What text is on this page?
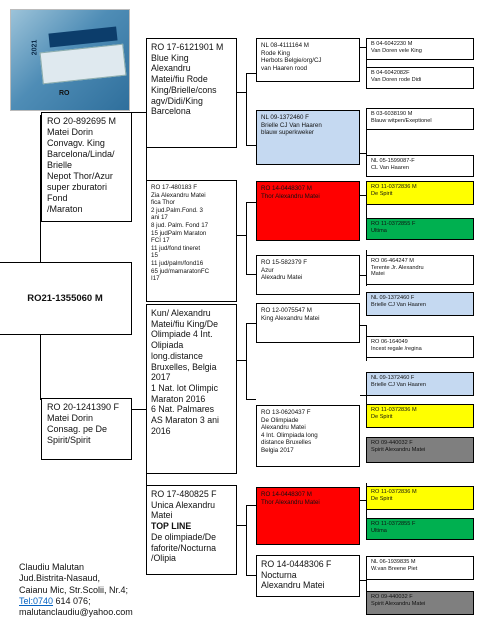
2021
RO
RO21-1355060 M
RO 20-892695 M
Matei Dorin
Convagv. King
Barcelona/Linda/
Brielle
Nepot Thor/Azur
super zburatori
Fond
/Maraton
RO 20-1241390 F
Matei Dorin
Consag. pe De
Spirit/Spirit
RO 17-6121901 M
Blue King
Alexandru
Matei/fiu Rode
King/Brielle/cons
agv/Didi/King
Barcelona
RO 17-480183 F
Zia Alexandru Matei
fica Thor
2 jud.Palm.Fond. 3
ani 17
8 jud. Palm. Fond 17
15 judPalm Maraton
FCI 17
11 jud/fond tineret
15
11 jud/palm/fond16
65 jud/mamaratonFC
I17
Kun/ Alexandru
Matei/fiu King/De
Olimpiade 4 Int.
Olipiada
long.distance
Bruxelles, Belgia
2017
1 Nat. lot Olimpic
Maraton 2016
6 Nat. Palmares
AS Maraton 3 ani
2016
RO 17-480825 F
Unica Alexandru
Matei
TOP LINE
De olimpiade/De
faforite/Nocturna
/Olipia
NL 08-4111164 M
Rode King
Herbots Belgie/org/CJ
van Haaren rood
NL 09-1372460 F
Brielle CJ Van Haaren
blauw superkweker
RO 14-0448307 M
Thor Alexandru Matei
RO 15-582379 F
Azur
Alexadru Matei
RO 12-0075547 M
King Alexandru Matei
RO 13-0620437 F
De Olimpiade
Alexandru Matei
4 Int. Olimpiada long
distance Bruxelles
Belgia 2017
RO 14-0448307 M
Thor Alexandru Matei
RO 14-0448306 F
Nocturna
Alexandru Matei
B 04-6042230 M
Van Doren vele King
B 04-6042082F
Van Doren rode Didi
B 03-6038190 M
Blauw witpen/Exeptionel
NL 05-1599087-F
CL Van Haaren
RO 11-0372836 M
De Spirit
RO 11-0372855 F
Ultima
RO 06-464247 M
Terente Jr. Alexandru
Matei
NL 09-1372460 F
Brielle CJ Van Haaren
RO 06-164049
Incest regale /regina
NL 09-1372460 F
Brielle CJ Van Haaren
RO 11-0372836 M
De Spirit
RO 09-440032 F
Spirit Alexandru Matei
RO 11-0372836 M
De Spirit
RO 11-0372855 F
Ultima
NL 06-1939835 M
W.van Breene Piet
RO 09-440032 F
Spirit Alexandru Matei
Claudiu Malutan
Jud.Bistrita-Nasaud,
Caianu Mic, Str.Scolii, Nr.4;
Tel:0740 614 076;
malutanclaudiu@yahoo.com
